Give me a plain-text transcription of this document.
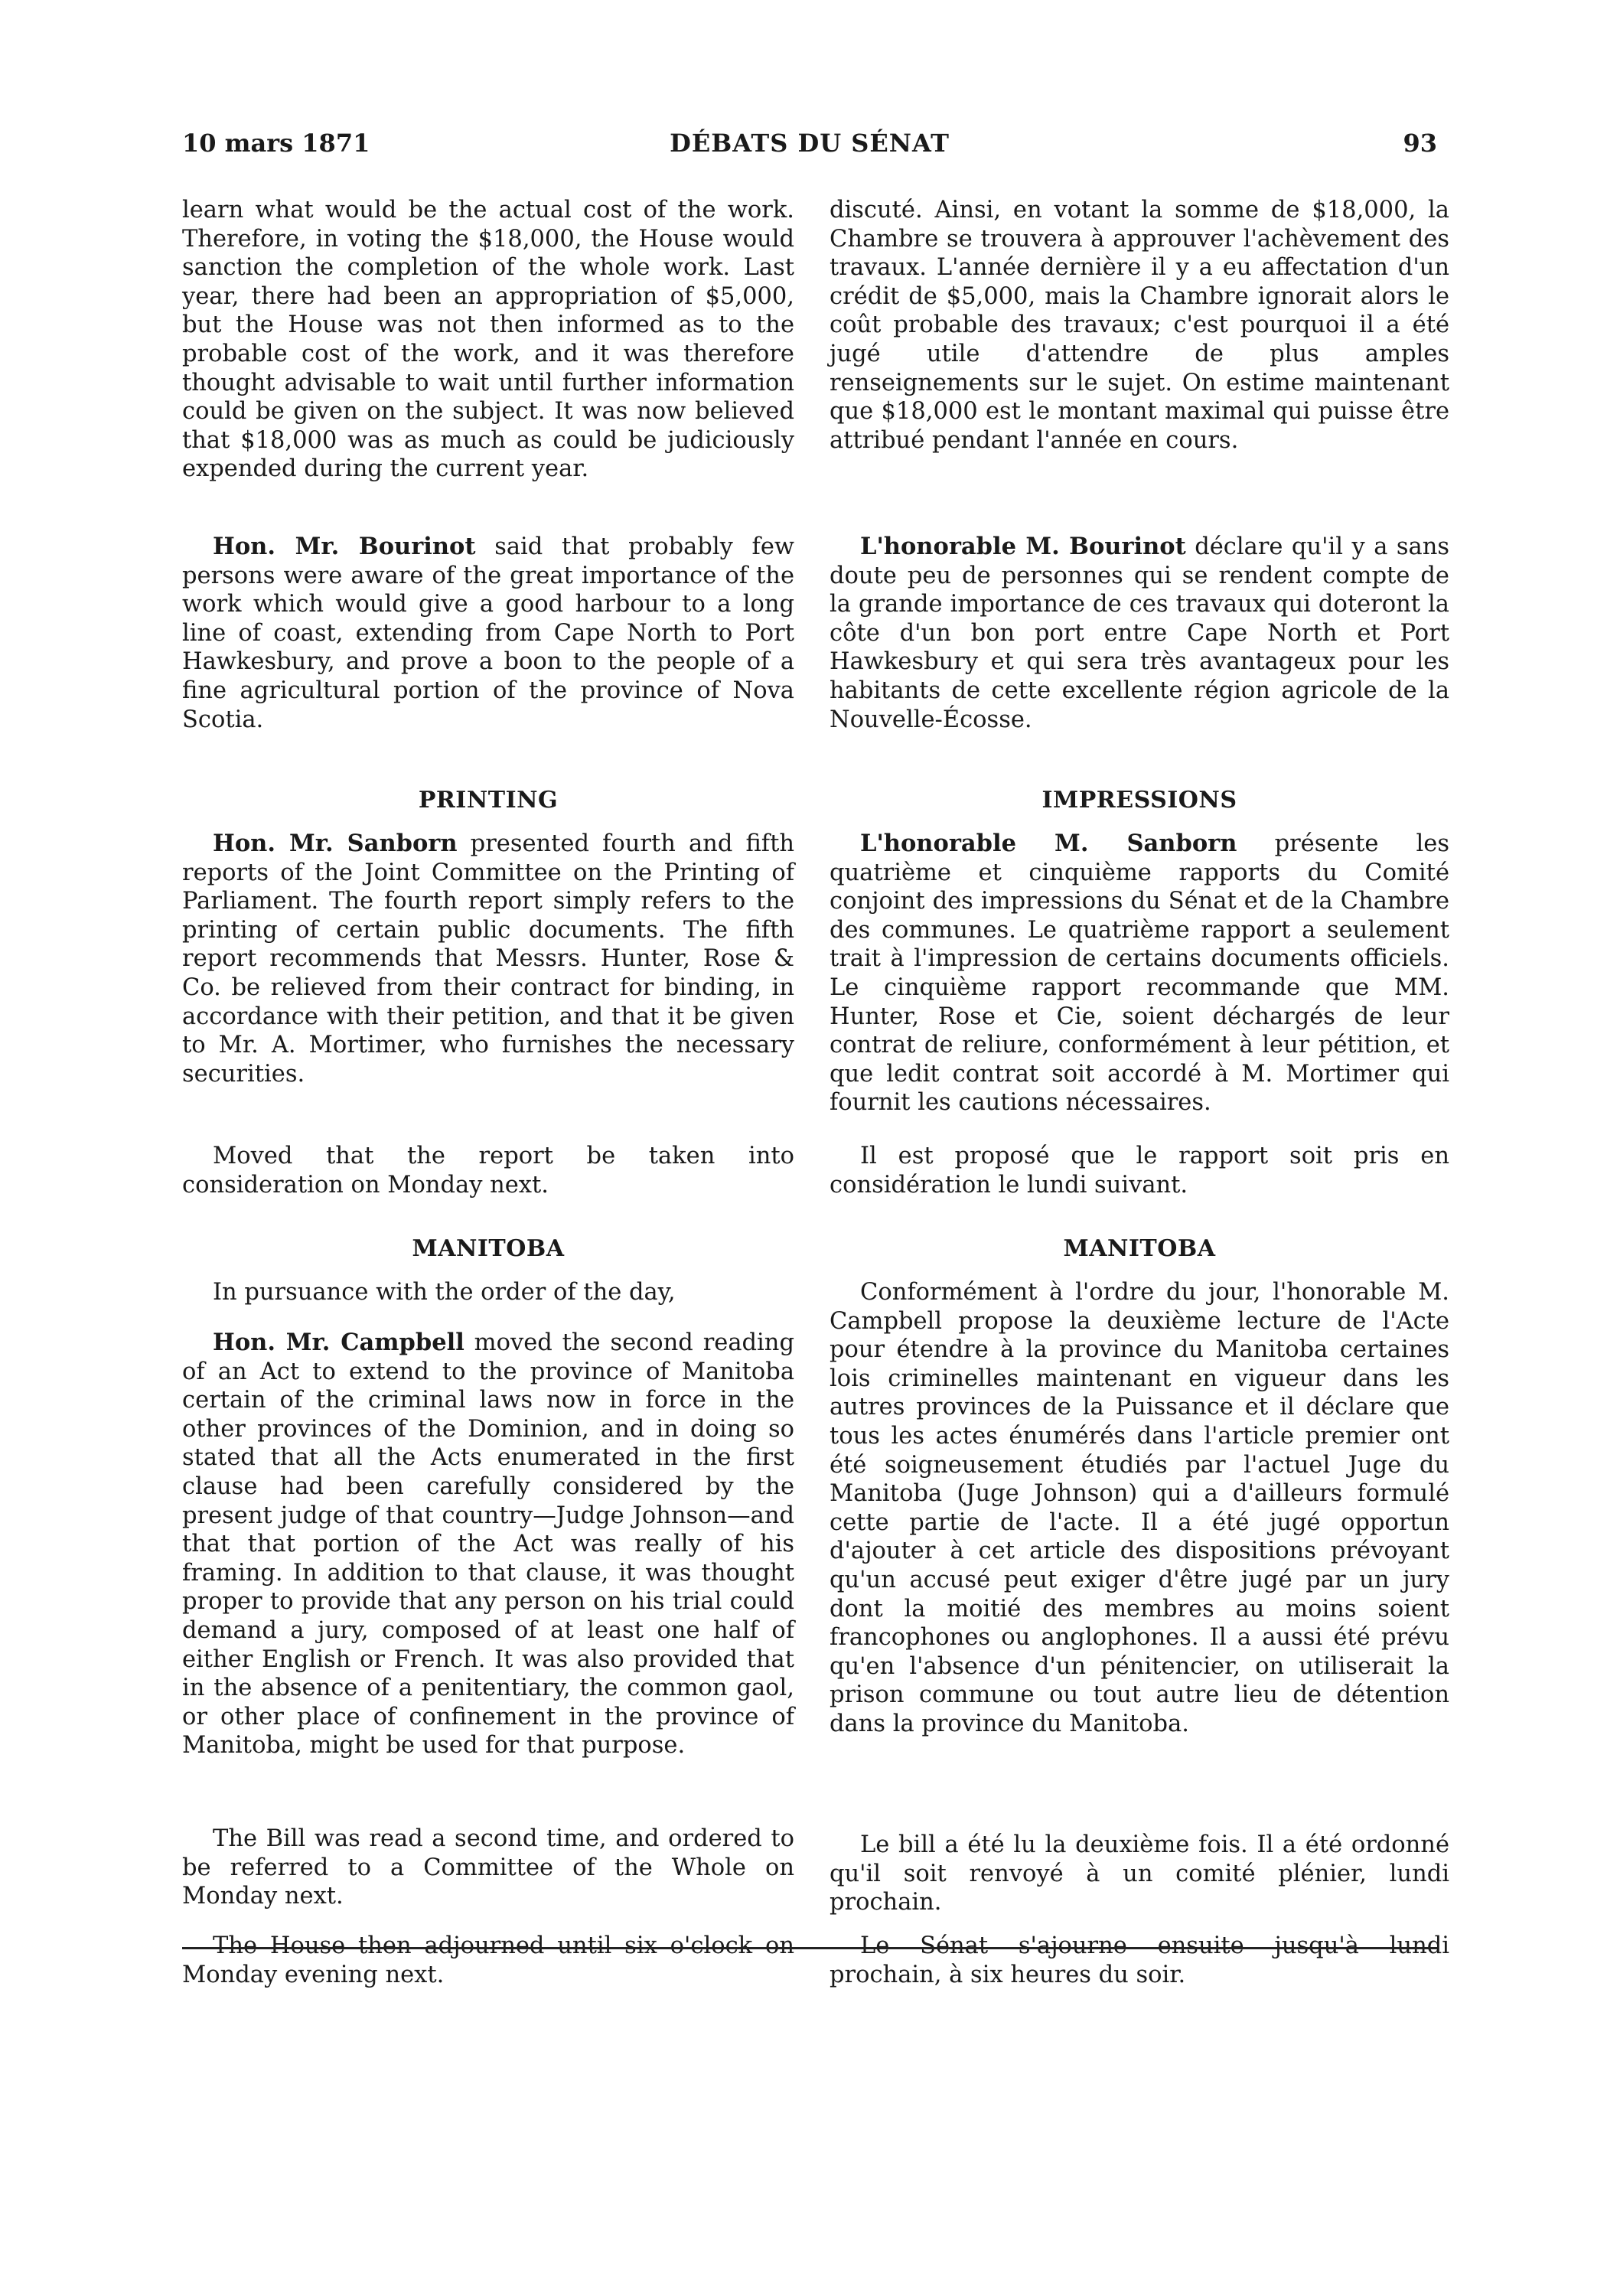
10 mars 1871	DÉBATS DU SÉNAT	93

learn what would be the actual cost of the work. Therefore, in voting the $18,000, the House would sanction the completion of the whole work. Last year, there had been an appropriation of $5,000, but the House was not then informed as to the probable cost of the work, and it was therefore thought advisable to wait until further information could be given on the subject. It was now believed that $18,000 was as much as could be judiciously expended during the current year.

Hon. Mr. Bourinot said that probably few persons were aware of the great importance of the work which would give a good harbour to a long line of coast, extending from Cape North to Port Hawkesbury, and prove a boon to the people of a fine agricultural portion of the province of Nova Scotia.

PRINTING

Hon. Mr. Sanborn presented fourth and fifth reports of the Joint Committee on the Printing of Parliament. The fourth report simply refers to the printing of certain public documents. The fifth report recommends that Messrs. Hunter, Rose & Co. be relieved from their contract for binding, in accordance with their petition, and that it be given to Mr. A. Mortimer, who furnishes the necessary securities.

Moved that the report be taken into consideration on Monday next.

MANITOBA

In pursuance with the order of the day,

Hon. Mr. Campbell moved the second reading of an Act to extend to the province of Manitoba certain of the criminal laws now in force in the other provinces of the Dominion, and in doing so stated that all the Acts enumerated in the first clause had been carefully considered by the present judge of that country—Judge Johnson—and that that portion of the Act was really of his framing. In addition to that clause, it was thought proper to provide that any person on his trial could demand a jury, composed of at least one half of either English or French. It was also provided that in the absence of a penitentiary, the common gaol, or other place of confinement in the province of Manitoba, might be used for that purpose.

The Bill was read a second time, and ordered to be referred to a Committee of the Whole on Monday next.

The House then adjourned until six o'clock on Monday evening next.

discuté. Ainsi, en votant la somme de $18,000, la Chambre se trouvera à approuver l'achèvement des travaux. L'année dernière il y a eu affectation d'un crédit de $5,000, mais la Chambre ignorait alors le coût probable des travaux; c'est pourquoi il a été jugé utile d'attendre de plus amples renseignements sur le sujet. On estime maintenant que $18,000 est le montant maximal qui puisse être attribué pendant l'année en cours.

L'honorable M. Bourinot déclare qu'il y a sans doute peu de personnes qui se rendent compte de la grande importance de ces travaux qui doteront la côte d'un bon port entre Cape North et Port Hawkesbury et qui sera très avantageux pour les habitants de cette excellente région agricole de la Nouvelle-Écosse.

IMPRESSIONS

L'honorable M. Sanborn présente les quatrième et cinquième rapports du Comité conjoint des impressions du Sénat et de la Chambre des communes. Le quatrième rapport a seulement trait à l'impression de certains documents officiels. Le cinquième rapport recommande que MM. Hunter, Rose et Cie, soient déchargés de leur contrat de reliure, conformément à leur pétition, et que ledit contrat soit accordé à M. Mortimer qui fournit les cautions nécessaires.

Il est proposé que le rapport soit pris en considération le lundi suivant.

MANITOBA

Conformément à l'ordre du jour, l'honorable M. Campbell propose la deuxième lecture de l'Acte pour étendre à la province du Manitoba certaines lois criminelles maintenant en vigueur dans les autres provinces de la Puissance et il déclare que tous les actes énumérés dans l'article premier ont été soigneusement étudiés par l'actuel Juge du Manitoba (Juge Johnson) qui a d'ailleurs formulé cette partie de l'acte. Il a été jugé opportun d'ajouter à cet article des dispositions prévoyant qu'un accusé peut exiger d'être jugé par un jury dont la moitié des membres au moins soient francophones ou anglophones. Il a aussi été prévu qu'en l'absence d'un pénitencier, on utiliserait la prison commune ou tout autre lieu de détention dans la province du Manitoba.

Le bill a été lu la deuxième fois. Il a été ordonné qu'il soit renvoyé à un comité plénier, lundi prochain.

Le Sénat s'ajourne ensuite jusqu'à lundi prochain, à six heures du soir.
